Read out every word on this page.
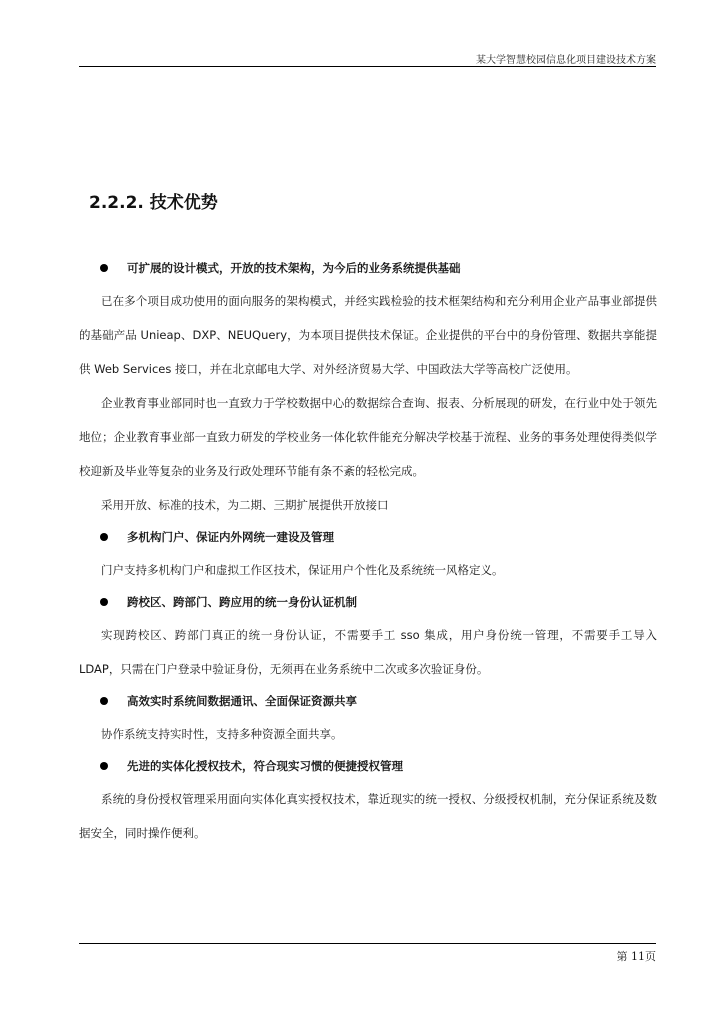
某大学智慧校园信息化项目建设技术方案
2.2.2. 技术优势
可扩展的设计模式，开放的技术架构，为今后的业务系统提供基础

已在多个项目成功使用的面向服务的架构模式，并经实践检验的技术框架结构和充分利用企业产品事业部提供的基础产品 Unieap、DXP、NEUQuery，为本项目提供技术保证。企业提供的平台中的身份管理、数据共享能提供 Web Services 接口，并在北京邮电大学、对外经济贸易大学、中国政法大学等高校广泛使用。

企业教育事业部同时也一直致力于学校数据中心的数据综合查询、报表、分析展现的研发，在行业中处于领先地位；企业教育事业部一直致力研发的学校业务一体化软件能充分解决学校基于流程、业务的事务处理使得类似学校迎新及毕业等复杂的业务及行政处理环节能有条不紊的轻松完成。

采用开放、标准的技术，为二期、三期扩展提供开放接口

多机构门户、保证内外网统一建设及管理

门户支持多机构门户和虚拟工作区技术，保证用户个性化及系统统一风格定义。

跨校区、跨部门、跨应用的统一身份认证机制

实现跨校区、跨部门真正的统一身份认证，不需要手工 sso 集成，用户身份统一管理，不需要手工导入 LDAP，只需在门户登录中验证身份，无须再在业务系统中二次或多次验证身份。

高效实时系统间数据通讯、全面保证资源共享

协作系统支持实时性，支持多种资源全面共享。

先进的实体化授权技术，符合现实习惯的便捷授权管理

系统的身份授权管理采用面向实体化真实授权技术，靠近现实的统一授权、分级授权机制，充分保证系统及数据安全，同时操作便利。

第 11页
